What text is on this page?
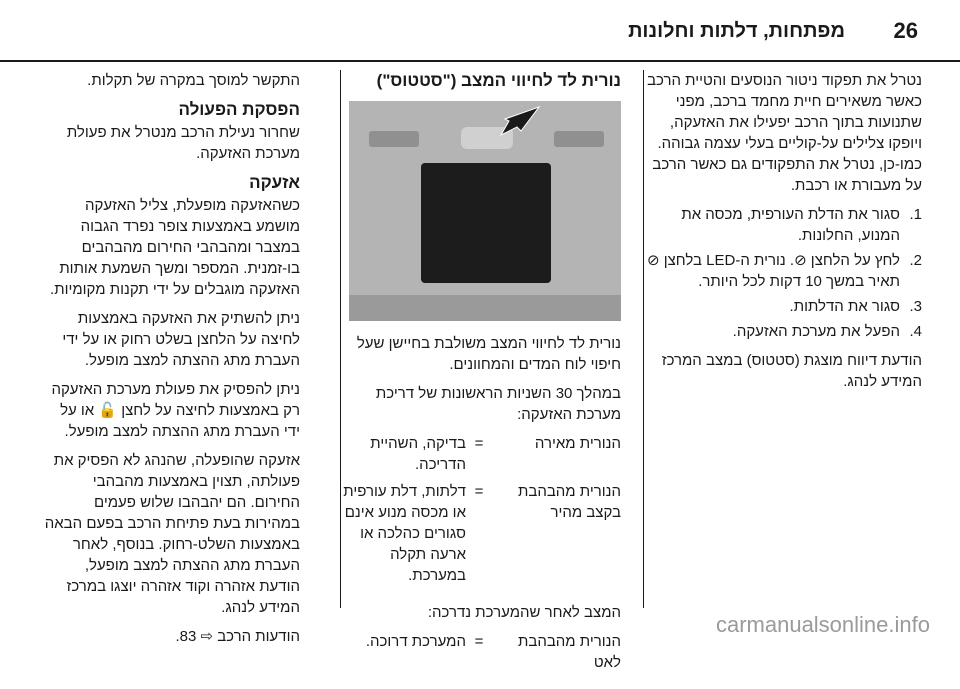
26
מפתחות, דלתות וחלונות

נטרל את תפקוד ניטור הנוסעים והטיית הרכב כאשר משאירים חיית מחמד ברכב, מפני שתנועות בתוך הרכב יפעילו את האזעקה, ויופקו צלילים על-קוליים בעלי עצמה גבוהה. כמו-כן, נטרל את התפקודים גם כאשר הרכב על מעבורת או רכבת.

1.
סגור את הדלת העורפית, מכסה את המנוע, החלונות.
2.
לחץ על הלחצן ⊘. נורית ה-LED בלחצן ⊘ תאיר במשך 10 דקות לכל היותר.
3.
סגור את הדלתות.
4.
הפעל את מערכת האזעקה.

הודעת דיווח מוצגת (סטטוס) במצב המרכז המידע לנהג.

נורית לד לחיווי המצב ("סטטוס")

נורית לד לחיווי המצב משולבת בחיישן שעל חיפוי לוח המדים והמחוונים.

במהלך 30 השניות הראשונות של דריכת מערכת האזעקה:

הנורית מאירה
=
בדיקה, השהיית הדריכה.
הנורית מהבהבת בקצב מהיר
=
דלתות, דלת עורפית או מכסה מנוע אינם סגורים כהלכה או ארעה תקלה במערכת.

המצב לאחר שהמערכת נדרכה:

הנורית מהבהבת לאט
=
המערכת דרוכה.

התקשר למוסך במקרה של תקלות.

הפסקת הפעולה

שחרור נעילת הרכב מנטרל את פעולת מערכת האזעקה.

אזעקה

כשהאזעקה מופעלת, צליל האזעקה מושמע באמצעות צופר נפרד הגבוה במצבר ומהבהבי החירום מהבהבים בו-זמנית. המספר ומשך השמעת אותות האזעקה מוגבלים על ידי תקנות מקומיות.

ניתן להשתיק את האזעקה באמצעות לחיצה על הלחצן בשלט רחוק או על ידי העברת מתג ההצתה למצב מופעל.

ניתן להפסיק את פעולת מערכת האזעקה רק באמצעות לחיצה על לחצן 🔓 או על ידי העברת מתג ההצתה למצב מופעל.

אזעקה שהופעלה, שהנהג לא הפסיק את פעולתה, תצוין באמצעות מהבהבי החירום. הם יהבהבו שלוש פעמים במהירות בעת פתיחת הרכב בפעם הבאה באמצעות השלט-רחוק. בנוסף, לאחר העברת מתג ההצתה למצב מופעל, הודעת אזהרה וקוד אזהרה יוצגו במרכז המידע לנהג.

הודעות הרכב ⇨ 83.	carmanualsonline.info
